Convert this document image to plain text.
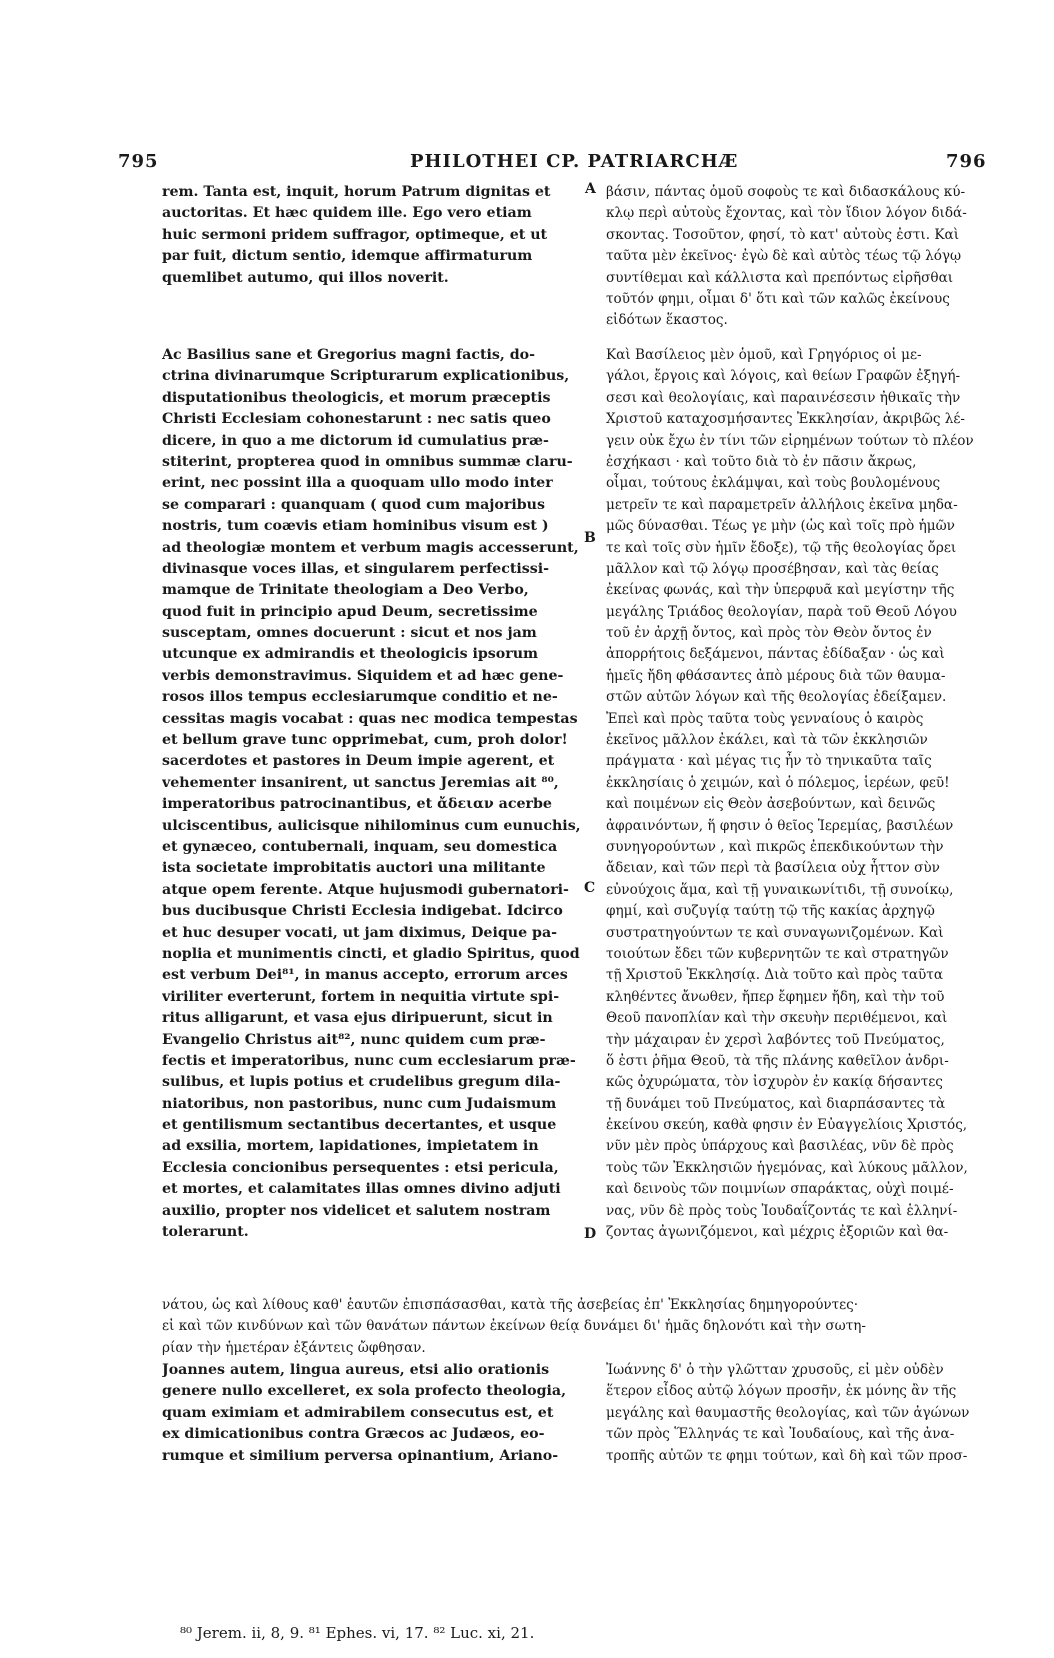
795	PHILOTHEI CP. PATRIARCHÆ	796
A
B
C
D
rem. Tanta est, inquit, horum Patrum dignitas et
auctoritas. Et hæc quidem ille. Ego vero etiam
huic sermoni pridem suffragor, optimeque, et ut
par fuit, dictum sentio, idemque affirmaturum
quemlibet autumo, qui illos noverit.
Ac Basilius sane et Gregorius magni factis, do-
ctrina divinarumque Scripturarum explicationibus,
disputationibus theologicis, et morum præceptis
Christi Ecclesiam cohonestarunt : nec satis queo
dicere, in quo a me dictorum id cumulatius præ-
stiterint, propterea quod in omnibus summæ claru-
erint, nec possint illa a quoquam ullo modo inter
se comparari : quanquam ( quod cum majoribus
nostris, tum coævis etiam hominibus visum est )
ad theologiæ montem et verbum magis accesserunt,
divinasque voces illas, et singularem perfectissi-
mamque de Trinitate theologiam a Deo Verbo,
quod fuit in principio apud Deum, secretissime
susceptam, omnes docuerunt : sicut et nos jam
utcunque ex admirandis et theologicis ipsorum
verbis demonstravimus. Siquidem et ad hæc gene-
rosos illos tempus ecclesiarumque conditio et ne-
cessitas magis vocabat : quas nec modica tempestas
et bellum grave tunc opprimebat, cum, proh dolor!
sacerdotes et pastores in Deum impie agerent, et
vehementer insanirent, ut sanctus Jeremias ait ⁸⁰,
imperatoribus patrocinantibus, et ἄδειαν acerbe
ulciscentibus, aulicisque nihilominus cum eunuchis,
et gynæceo, contubernali, inquam, seu domestica
ista societate improbitatis auctori una militante
atque opem ferente. Atque hujusmodi gubernatori-
bus ducibusque Christi Ecclesia indigebat. Idcirco
et huc desuper vocati, ut jam diximus, Deique pa-
noplia et munimentis cincti, et gladio Spiritus, quod
est verbum Dei⁸¹, in manus accepto, errorum arces
viriliter everterunt, fortem in nequitia virtute spi-
ritus alligarunt, et vasa ejus diripuerunt, sicut in
Evangelio Christus ait⁸², nunc quidem cum præ-
fectis et imperatoribus, nunc cum ecclesiarum præ-
sulibus, et lupis potius et crudelibus gregum dila-
niatoribus, non pastoribus, nunc cum Judaismum
et gentilismum sectantibus decertantes, et usque
ad exsilia, mortem, lapidationes, impietatem in
Ecclesia concionibus persequentes : etsi pericula,
et mortes, et calamitates illas omnes divino adjuti
auxilio, propter nos videlicet et salutem nostram
tolerarunt.
βάσιν, πάντας ὁμοῦ σοφοὺς τε καὶ διδασκάλους κύ-
κλῳ περὶ αὐτοὺς ἔχοντας, καὶ τὸν ἴδιον λόγον διδά-
σκοντας. Τοσοῦτον, φησί, τὸ κατ' αὐτοὺς ἐστι. Καὶ
ταῦτα μὲν ἐκεῖνος· ἐγὼ δὲ καὶ αὐτὸς τέως τῷ λόγῳ
συντίθεμαι καὶ κάλλιστα καὶ πρεπόντως εἰρῆσθαι
τοῦτόν φημι, οἶμαι δ' ὅτι καὶ τῶν καλῶς ἐκείνους
εἰδότων ἕκαστος.
Καὶ Βασίλειος μὲν ὁμοῦ, καὶ Γρηγόριος οἱ με-
γάλοι, ἔργοις καὶ λόγοις, καὶ θείων Γραφῶν ἐξηγή-
σεσι καὶ θεολογίαις, καὶ παραινέσεσιν ἠθικαῖς τὴν
Χριστοῦ καταχοσμήσαντες Ἐκκλησίαν, ἀκριβῶς λέ-
γειν οὐκ ἔχω ἐν τίνι τῶν εἰρημένων τούτων τὸ πλέον
ἐσχήκασι · καὶ τοῦτο διὰ τὸ ἐν πᾶσιν ἄκρως,
οἶμαι, τούτους ἐκλάμψαι, καὶ τοὺς βουλομένους
μετρεῖν τε καὶ παραμετρεῖν ἀλλήλοις ἐκεῖνα μηδα-
μῶς δύνασθαι. Τέως γε μὴν (ὡς καὶ τοῖς πρὸ ἡμῶν
τε καὶ τοῖς σὺν ἡμῖν ἔδοξε), τῷ τῆς θεολογίας ὄρει
μᾶλλον καὶ τῷ λόγῳ προσέβησαν, καὶ τὰς θείας
ἐκείνας φωνάς, καὶ τὴν ὑπερφυᾶ καὶ μεγίστην τῆς
μεγάλης Τριάδος θεολογίαν, παρὰ τοῦ Θεοῦ Λόγου
τοῦ ἐν ἀρχῇ ὄντος, καὶ πρὸς τὸν Θεὸν ὄντος ἐν
ἀπορρήτοις δεξάμενοι, πάντας ἐδίδαξαν · ὡς καὶ
ἡμεῖς ἤδη φθάσαντες ἀπὸ μέρους διὰ τῶν θαυμα-
στῶν αὐτῶν λόγων καὶ τῆς θεολογίας ἐδείξαμεν.
Ἐπεὶ καὶ πρὸς ταῦτα τοὺς γενναίους ὁ καιρὸς
ἐκεῖνος μᾶλλον ἐκάλει, καὶ τὰ τῶν ἐκκλησιῶν
πράγματα · καὶ μέγας τις ἦν τὸ τηνικαῦτα ταῖς
ἐκκλησίαις ὁ χειμών, καὶ ὁ πόλεμος, ἱερέων, φεῦ!
καὶ ποιμένων εἰς Θεὸν ἀσεβούντων, καὶ δεινῶς
ἀφραινόντων, ἥ φησιν ὁ θεῖος Ἱερεμίας, βασιλέων
συνηγορούντων , καὶ πικρῶς ἐπεκδικούντων τὴν
ἄδειαν, καὶ τῶν περὶ τὰ βασίλεια οὐχ ἧττον σὺν
εὐνούχοις ἅμα, καὶ τῇ γυναικωνίτιδι, τῇ συνοίκῳ,
φημί, καὶ συζυγίᾳ ταύτῃ τῷ τῆς κακίας ἀρχηγῷ
συστρατηγούντων τε καὶ συναγωνιζομένων. Καὶ
τοιούτων ἔδει τῶν κυβερνητῶν τε καὶ στρατηγῶν
τῇ Χριστοῦ Ἐκκλησίᾳ. Διὰ τοῦτο καὶ πρὸς ταῦτα
κληθέντες ἄνωθεν, ἤπερ ἔφημεν ἤδη, καὶ τὴν τοῦ
Θεοῦ πανοπλίαν καὶ τὴν σκευὴν περιθέμενοι, καὶ
τὴν μάχαιραν ἐν χερσὶ λαβόντες τοῦ Πνεύματος,
ὅ ἐστι ῥῆμα Θεοῦ, τὰ τῆς πλάνης καθεῖλον ἀνδρι-
κῶς ὀχυρώματα, τὸν ἰσχυρὸν ἐν κακίᾳ δήσαντες
τῇ δυνάμει τοῦ Πνεύματος, καὶ διαρπάσαντες τὰ
ἐκείνου σκεύη, καθὰ φησιν ἐν Εὐαγγελίοις Χριστός,
νῦν μὲν πρὸς ὑπάρχους καὶ βασιλέας, νῦν δὲ πρὸς
τοὺς τῶν Ἐκκλησιῶν ἡγεμόνας, καὶ λύκους μᾶλλον,
καὶ δεινοὺς τῶν ποιμνίων σπαράκτας, οὐχὶ ποιμέ-
νας, νῦν δὲ πρὸς τοὺς Ἰουδαΐζοντάς τε καὶ ἑλληνί-
ζοντας ἀγωνιζόμενοι, καὶ μέχρις ἐξοριῶν καὶ θα-
νάτου, ὡς καὶ λίθους καθ' ἑαυτῶν ἐπισπάσασθαι, κατὰ τῆς ἀσεβείας ἐπ' Ἐκκλησίας δημηγορούντες·
εἰ καὶ τῶν κινδύνων καὶ τῶν θανάτων πάντων ἐκείνων θείᾳ δυνάμει δι' ἡμᾶς δηλονότι καὶ τὴν σωτη-
ρίαν τὴν ἡμετέραν ἐξάντεις ὤφθησαν.
Joannes autem, lingua aureus, etsi alio orationis
genere nullo excelleret, ex sola profecto theologia,
quam eximiam et admirabilem consecutus est, et
ex dimicationibus contra Græcos ac Judæos, eo-
rumque et similium perversa opinantium, Ariano-
Ἰωάννης δ' ὁ τὴν γλῶτταν χρυσοῦς, εἰ μὲν οὐδὲν
ἕτερον εἶδος αὐτῷ λόγων προσῆν, ἐκ μόνης ἂν τῆς
μεγάλης καὶ θαυμαστῆς θεολογίας, καὶ τῶν ἀγώνων
τῶν πρὸς Ἕλληνάς τε καὶ Ἰουδαίους, καὶ τῆς ἀνα-
τροπῆς αὐτῶν τε φημι τούτων, καὶ δὴ καὶ τῶν προσ-
⁸⁰ Jerem. ii, 8, 9. ⁸¹ Ephes. vi, 17. ⁸² Luc. xi, 21.
